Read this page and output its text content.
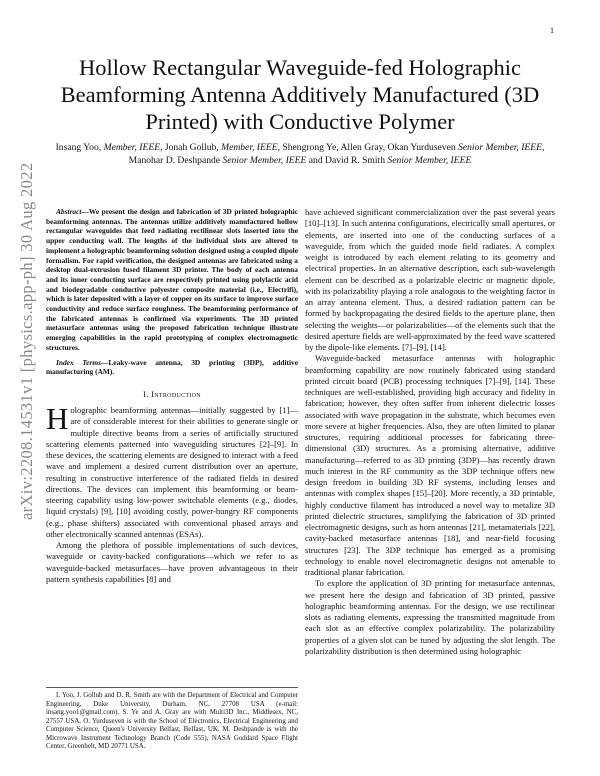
1
arXiv:2208.14531v1 [physics.app-ph] 30 Aug 2022
Hollow Rectangular Waveguide-fed Holographic Beamforming Antenna Additively Manufactured (3D Printed) with Conductive Polymer
Insang Yoo, Member, IEEE, Jonah Gollub, Member, IEEE, Shengrong Ye, Allen Gray, Okan Yurduseven Senior Member, IEEE, Manohar D. Deshpande Senior Member, IEEE and David R. Smith Senior Member, IEEE

Abstract—We present the design and fabrication of 3D printed holographic beamforming antennas. The antennas utilize additively manufactured hollow rectangular waveguides that feed radiating rectilinear slots inserted into the upper conducting wall. The lengths of the individual slots are altered to implement a holographic beamforming solution designed using a coupled dipole formalism. For rapid verification, the designed antennas are fabricated using a desktop dual-extrusion fused filament 3D printer. The body of each antenna and its inner conducting surface are respectively printed using polylactic acid and biodegradable conductive polyester composite material (i.e., Electrifi), which is later deposited with a layer of copper on its surface to improve surface conductivity and reduce surface roughness. The beamforming performance of the fabricated antennas is confirmed via experiments. The 3D printed metasurface antennas using the proposed fabrication technique illustrate emerging capabilities in the rapid prototyping of complex electromagnetic structures.

Index Terms—Leaky-wave antenna, 3D printing (3DP), additive manufacturing (AM).

I. Introduction

Holographic beamforming antennas—initially suggested by [1]—are of considerable interest for their abilities to generate single or multiple directive beams from a series of artificially structured scattering elements patterned into waveguiding structures [2]–[9]. In these devices, the scattering elements are designed to interact with a feed wave and implement a desired current distribution over an aperture, resulting in constructive interference of the radiated fields in desired directions. The devices can implement this beamforming or beam-steering capability using low-power switchable elements (e.g., diodes, liquid crystals) [9], [10] avoiding costly, power-hungry RF components (e.g., phase shifters) associated with conventional phased arrays and other electronically scanned antennas (ESAs).

Among the plethora of possible implementations of such devices, waveguide or cavity-backed configurations—which we refer to as waveguide-backed metasurfaces—have proven advantageous in their pattern synthesis capabilities [8] and

I. Yoo, J. Gollub and D. R. Smith are with the Department of Electrical and Computer Engineering, Duke University, Durham, NC, 27708 USA (e-mail: insang.yoo1@gmail.com). S. Ye and A. Gray are with Multi3D Inc., Middlesex, NC, 27557 USA. O. Yurduseven is with the School of Electronics, Electrical Engineering and Computer Science, Queen's University Belfast, Belfast, UK. M. Deshpande is with the Microwave Instrument Technology Branch (Code 555), NASA Goddard Space Flight Center, Greenbelt, MD 20771 USA.

have achieved significant commercialization over the past several years [10]–[13]. In such antenna configurations, electrically small apertures, or elements, are inserted into one of the conducting surfaces of a waveguide, from which the guided mode field radiates. A complex weight is introduced by each element relating to its geometry and electrical properties. In an alternative description, each sub-wavelength element can be described as a polarizable electric or magnetic dipole, with its polarizability playing a role analogous to the weighting factor in an array antenna element. Thus, a desired radiation pattern can be formed by backpropagating the desired fields to the aperture plane, then selecting the weights—or polarizabilities—of the elements such that the desired aperture fields are well-approximated by the feed wave scattered by the dipole-like elements. [7]–[9], [14].

Waveguide-backed metasurface antennas with holographic beamforming capability are now routinely fabricated using standard printed circuit board (PCB) processing techniques [7]–[9], [14]. These techniques are well-established, providing high accuracy and fidelity in fabrication; however, they often suffer from inherent dielectric losses associated with wave propagation in the substrate, which becomes even more severe at higher frequencies. Also, they are often limited to planar structures, requiring additional processes for fabricating three-dimensional (3D) structures. As a promising alternative, additive manufacturing—referred to as 3D printing (3DP)—has recently drawn much interest in the RF community as the 3DP technique offers new design freedom in building 3D RF systems, including lenses and antennas with complex shapes [15]–[20]. More recently, a 3D printable, highly conductive filament has introduced a novel way to metalize 3D printed dielectric structures, simplifying the fabrication of 3D printed electromagnetic designs, such as horn antennas [21], metamaterials [22], cavity-backed metasurface antennas [18], and near-field focusing structures [23]. The 3DP technique has emerged as a promising technology to enable novel electromagnetic designs not amenable to traditional planar fabrication.

To explore the application of 3D printing for metasurface antennas, we present here the design and fabrication of 3D printed, passive holographic beamforming antennas. For the design, we use rectilinear slots as radiating elements, expressing the transmitted magnitude from each slot as an effective complex polarizability. The polarizability properties of a given slot can be tuned by adjusting the slot length. The polarizability distribution is then determined using holographic
